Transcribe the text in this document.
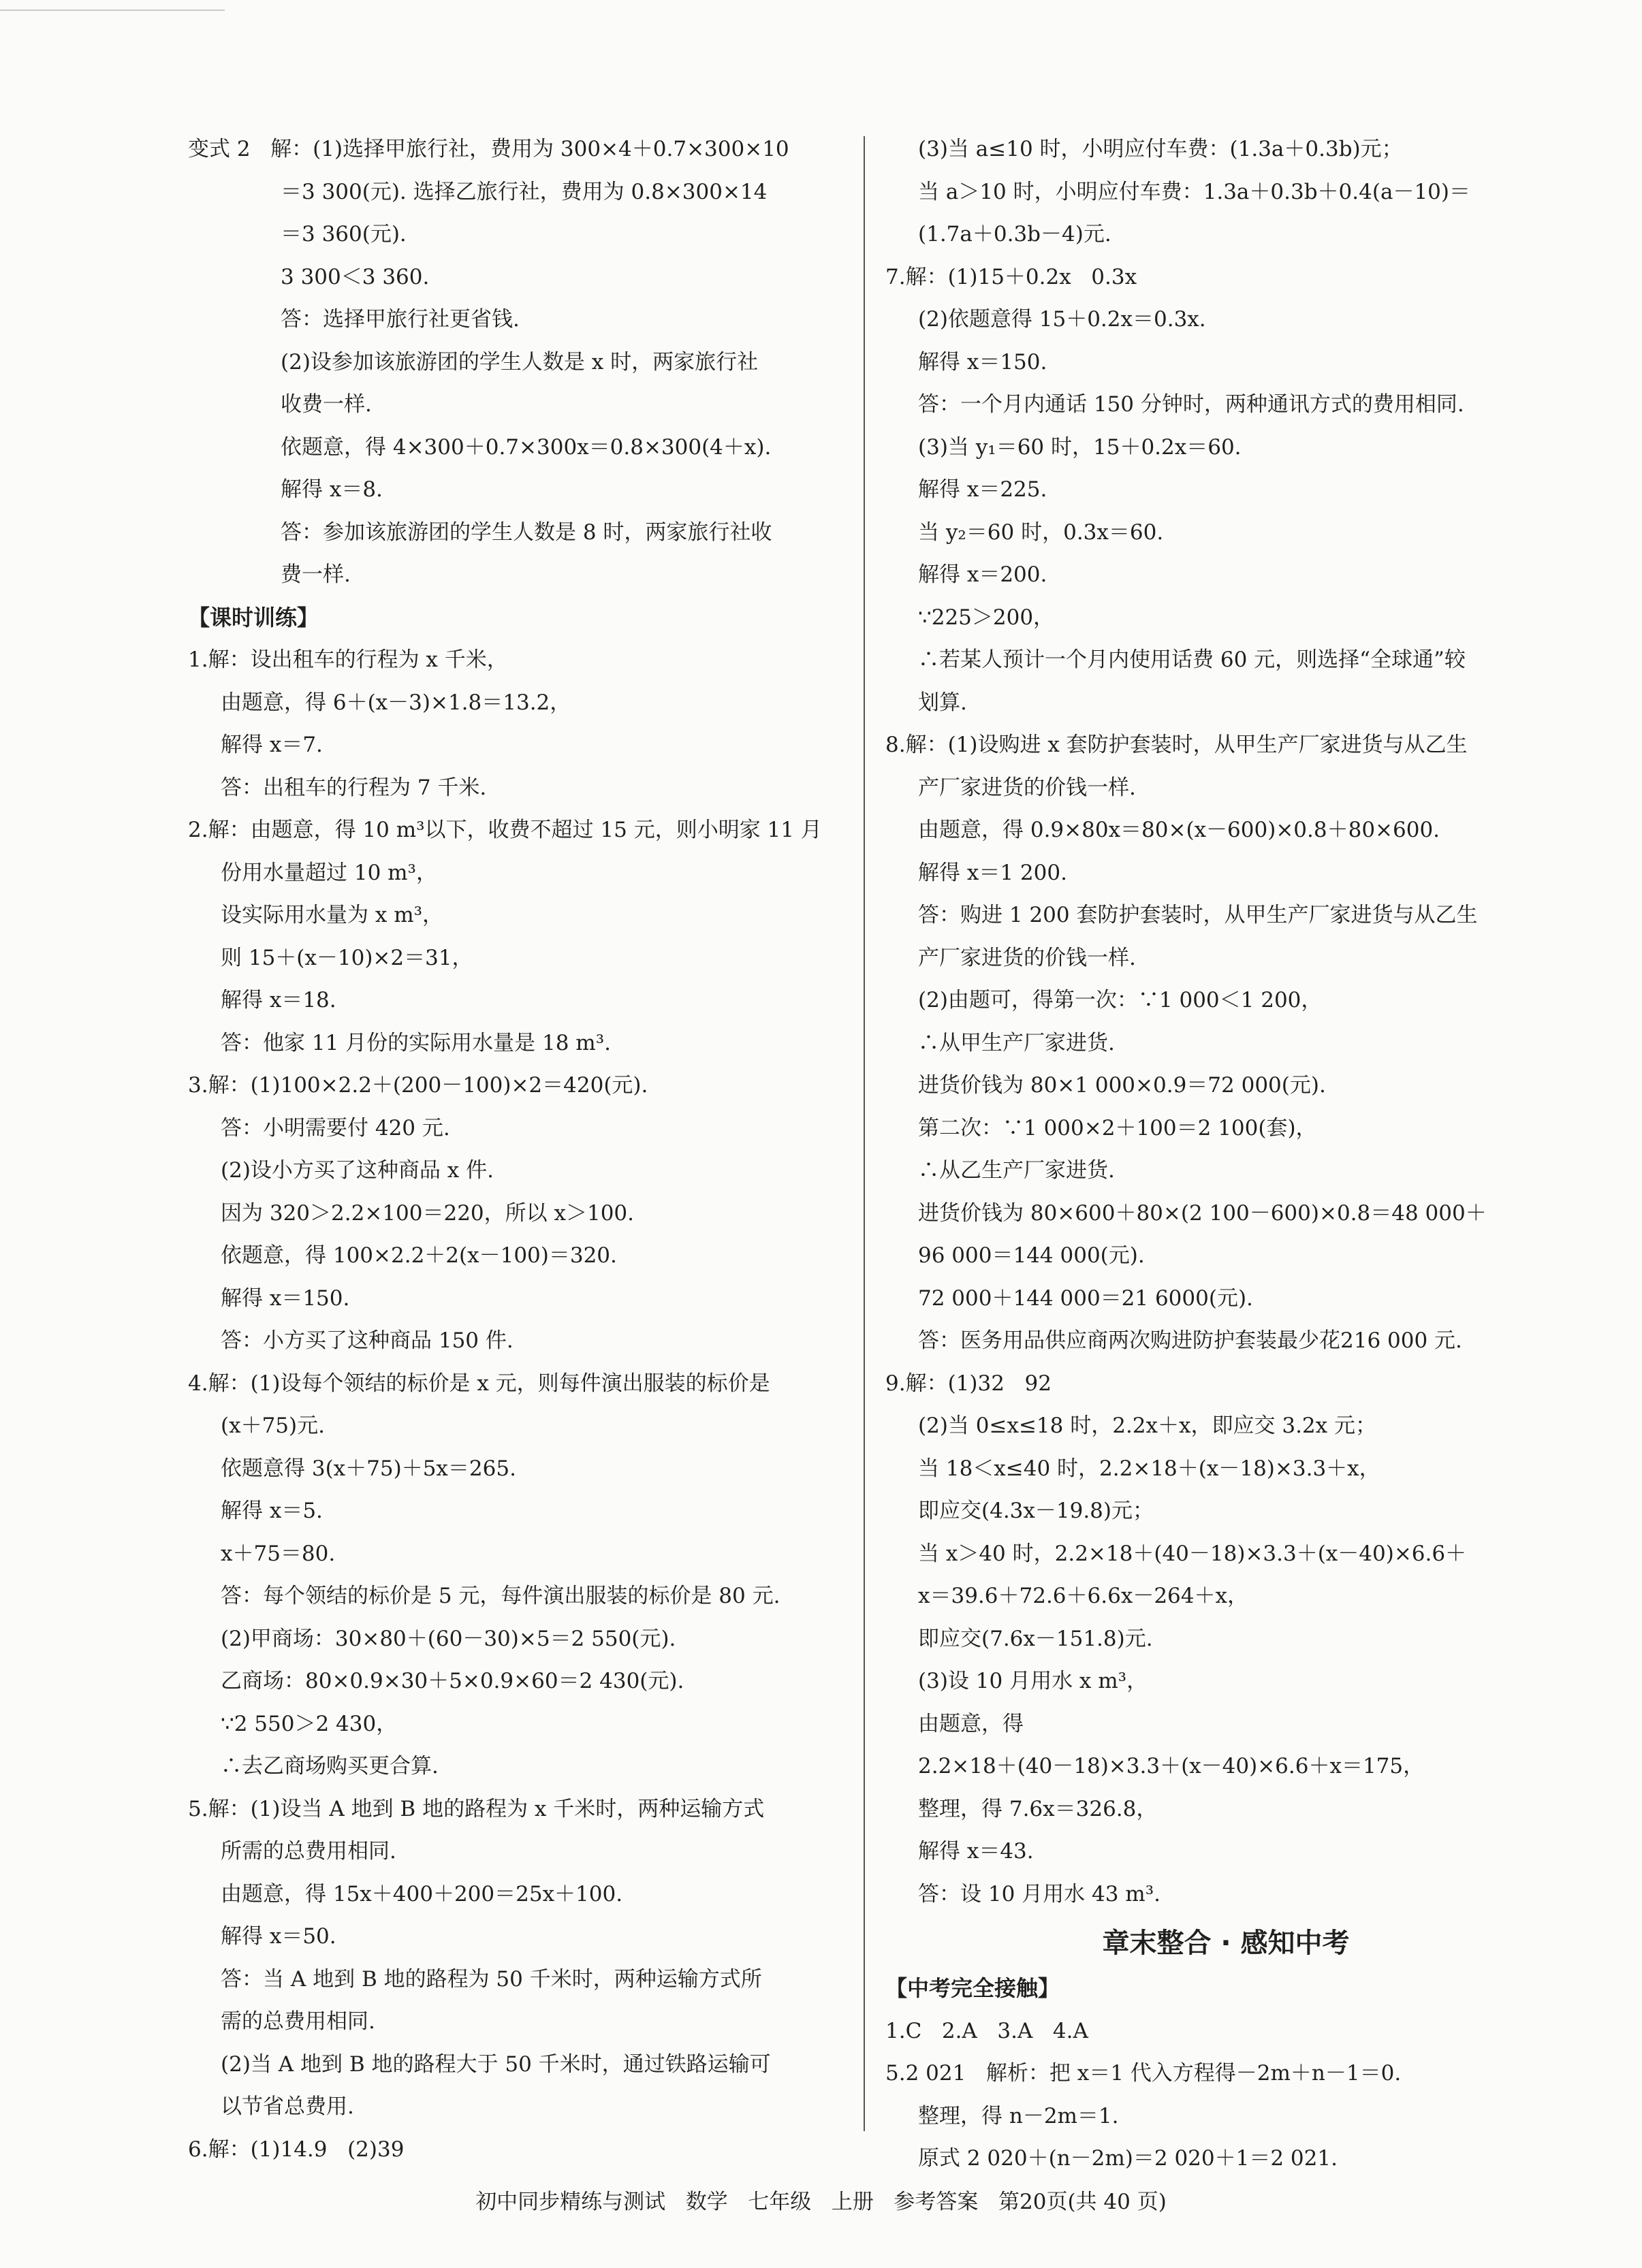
变式 2   解：(1)选择甲旅行社，费用为 300×4＋0.7×300×10
＝3 300(元). 选择乙旅行社，费用为 0.8×300×14
＝3 360(元).
3 300＜3 360.
答：选择甲旅行社更省钱.
(2)设参加该旅游团的学生人数是 x 时，两家旅行社
收费一样.
依题意，得 4×300＋0.7×300x＝0.8×300(4＋x).
解得 x＝8.
答：参加该旅游团的学生人数是 8 时，两家旅行社收
费一样.
【课时训练】
1.解：设出租车的行程为 x 千米，
由题意，得 6＋(x－3)×1.8＝13.2，
解得 x＝7.
答：出租车的行程为 7 千米.
2.解：由题意，得 10 m³以下，收费不超过 15 元，则小明家 11 月
份用水量超过 10 m³，
设实际用水量为 x m³，
则 15＋(x－10)×2＝31，
解得 x＝18.
答：他家 11 月份的实际用水量是 18 m³.
3.解：(1)100×2.2＋(200－100)×2＝420(元).
答：小明需要付 420 元.
(2)设小方买了这种商品 x 件.
因为 320＞2.2×100＝220，所以 x＞100.
依题意，得 100×2.2＋2(x－100)＝320.
解得 x＝150.
答：小方买了这种商品 150 件.
4.解：(1)设每个领结的标价是 x 元，则每件演出服装的标价是
(x＋75)元.
依题意得 3(x＋75)＋5x＝265.
解得 x＝5.
x＋75＝80.
答：每个领结的标价是 5 元，每件演出服装的标价是 80 元.
(2)甲商场：30×80＋(60－30)×5＝2 550(元).
乙商场：80×0.9×30＋5×0.9×60＝2 430(元).
∵2 550＞2 430，
∴去乙商场购买更合算.
5.解：(1)设当 A 地到 B 地的路程为 x 千米时，两种运输方式
所需的总费用相同.
由题意，得 15x＋400＋200＝25x＋100.
解得 x＝50.
答：当 A 地到 B 地的路程为 50 千米时，两种运输方式所
需的总费用相同.
(2)当 A 地到 B 地的路程大于 50 千米时，通过铁路运输可
以节省总费用.
6.解：(1)14.9   (2)39
(3)当 a≤10 时，小明应付车费：(1.3a＋0.3b)元；
当 a＞10 时，小明应付车费：1.3a＋0.3b＋0.4(a－10)＝
(1.7a＋0.3b－4)元.
7.解：(1)15＋0.2x   0.3x
(2)依题意得 15＋0.2x＝0.3x.
解得 x＝150.
答：一个月内通话 150 分钟时，两种通讯方式的费用相同.
(3)当 y₁＝60 时，15＋0.2x＝60.
解得 x＝225.
当 y₂＝60 时，0.3x＝60.
解得 x＝200.
∵225＞200，
∴若某人预计一个月内使用话费 60 元，则选择“全球通”较
划算.
8.解：(1)设购进 x 套防护套装时，从甲生产厂家进货与从乙生
产厂家进货的价钱一样.
由题意，得 0.9×80x＝80×(x－600)×0.8＋80×600.
解得 x＝1 200.
答：购进 1 200 套防护套装时，从甲生产厂家进货与从乙生
产厂家进货的价钱一样.
(2)由题可，得第一次：∵1 000＜1 200，
∴从甲生产厂家进货.
进货价钱为 80×1 000×0.9＝72 000(元).
第二次：∵1 000×2＋100＝2 100(套)，
∴从乙生产厂家进货.
进货价钱为 80×600＋80×(2 100－600)×0.8＝48 000＋
96 000＝144 000(元).
72 000＋144 000＝21 6000(元).
答：医务用品供应商两次购进防护套装最少花216 000 元.
9.解：(1)32   92
(2)当 0≤x≤18 时，2.2x＋x，即应交 3.2x 元；
当 18＜x≤40 时，2.2×18＋(x－18)×3.3＋x，
即应交(4.3x－19.8)元；
当 x＞40 时，2.2×18＋(40－18)×3.3＋(x－40)×6.6＋
x＝39.6＋72.6＋6.6x－264＋x，
即应交(7.6x－151.8)元.
(3)设 10 月用水 x m³，
由题意，得
2.2×18＋(40－18)×3.3＋(x－40)×6.6＋x＝175，
整理，得 7.6x＝326.8，
解得 x＝43.
答：设 10 月用水 43 m³.
章末整合 · 感知中考
【中考完全接触】
1.C   2.A   3.A   4.A
5.2 021   解析：把 x＝1 代入方程得－2m＋n－1＝0.
整理，得 n－2m＝1.
原式 2 020＋(n－2m)＝2 020＋1＝2 021.
初中同步精练与测试   数学   七年级   上册   参考答案   第20页(共 40 页)
